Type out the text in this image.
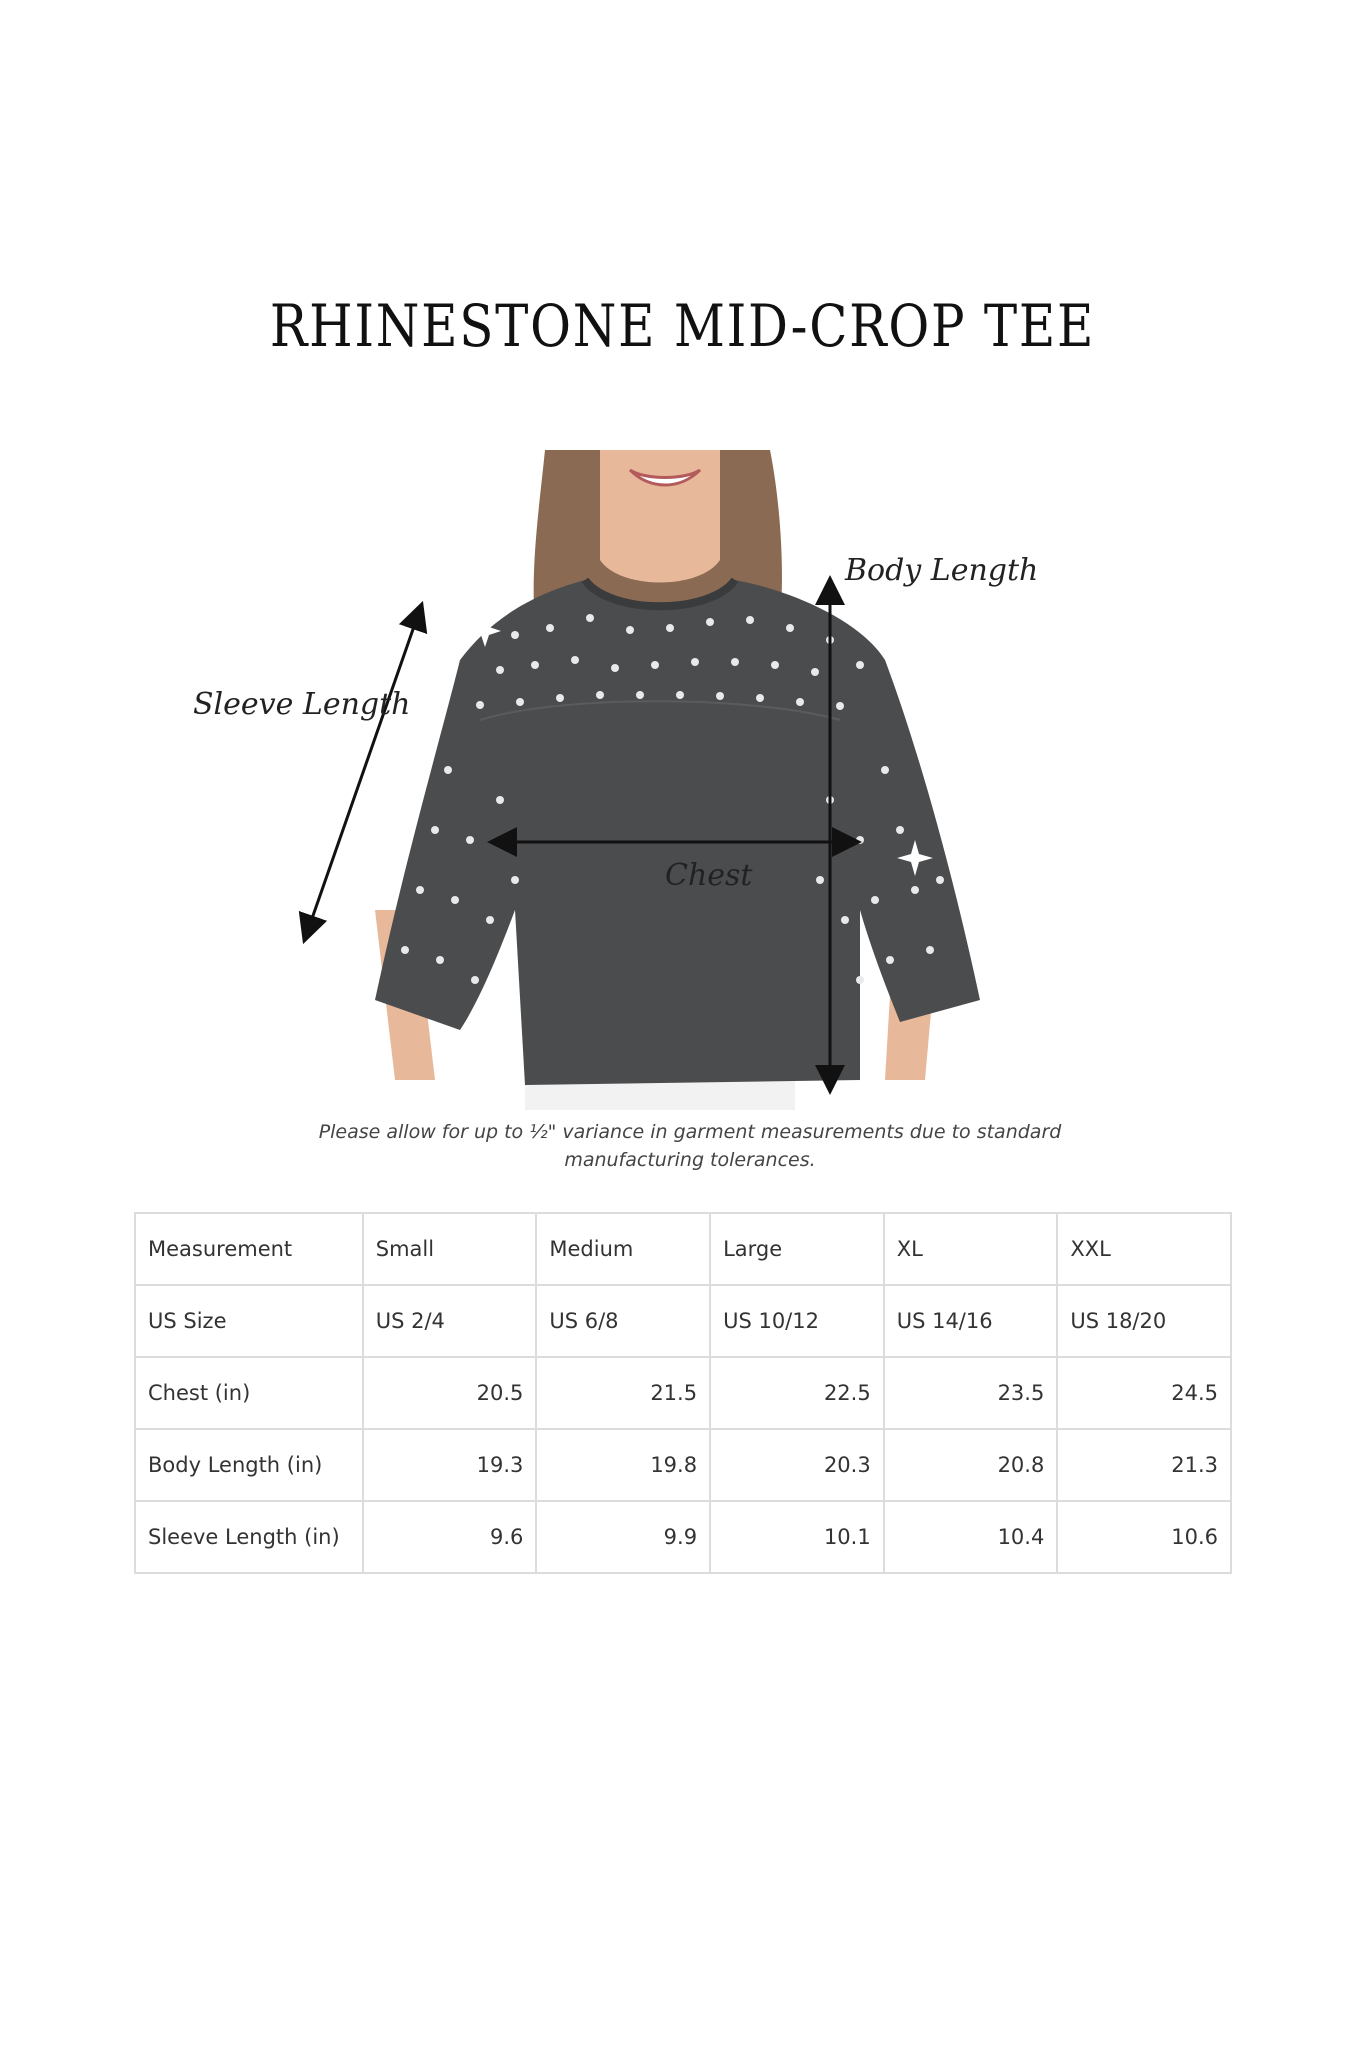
RHINESTONE MID-CROP TEE
Body Length
Sleeve Length
Chest
Please allow for up to ½" variance in garment measurements due to standard
manufacturing tolerances.
Measurement	Small	Medium	Large	XL	XXL
US Size	US 2/4	US 6/8	US 10/12	US 14/16	US 18/20
Chest (in)	20.5	21.5	22.5	23.5	24.5
Body Length (in)	19.3	19.8	20.3	20.8	21.3
Sleeve Length (in)	9.6	9.9	10.1	10.4	10.6
